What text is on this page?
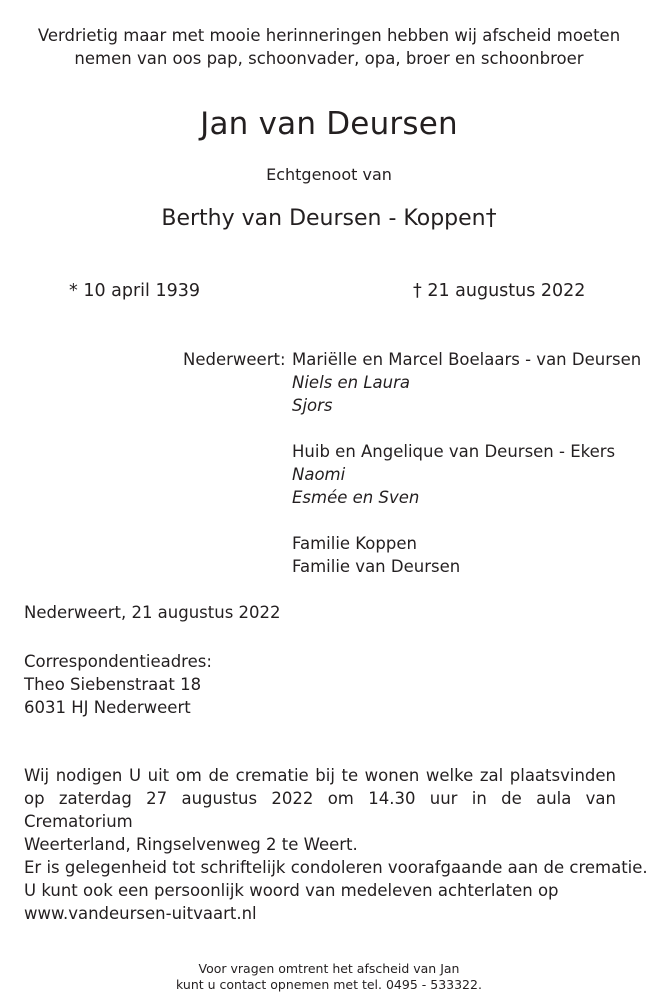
Verdrietig maar met mooie herinneringen hebben wij afscheid moeten
nemen van oos pap, schoonvader, opa, broer en schoonbroer
Jan van Deursen
Echtgenoot van
Berthy van Deursen - Koppen†
* 10 april 1939	† 21 augustus 2022
Nederweert: Mariëlle en Marcel Boelaars - van Deursen
Niels en Laura
Sjors
Huib en Angelique van Deursen - Ekers
Naomi
Esmée en Sven
Familie Koppen
Familie van Deursen
Nederweert, 21 augustus 2022
Correspondentieadres:
Theo Siebenstraat 18
6031 HJ Nederweert
Wij nodigen U uit om de crematie bij te wonen welke zal plaatsvinden
op zaterdag 27 augustus 2022 om 14.30 uur in de aula van Crematorium
Weerterland, Ringselvenweg 2 te Weert.
Er is gelegenheid tot schriftelijk condoleren voorafgaande aan de crematie.
U kunt ook een persoonlijk woord van medeleven achterlaten op
www.vandeursen-uitvaart.nl
Voor vragen omtrent het afscheid van Jan
kunt u contact opnemen met tel. 0495 - 533322.
